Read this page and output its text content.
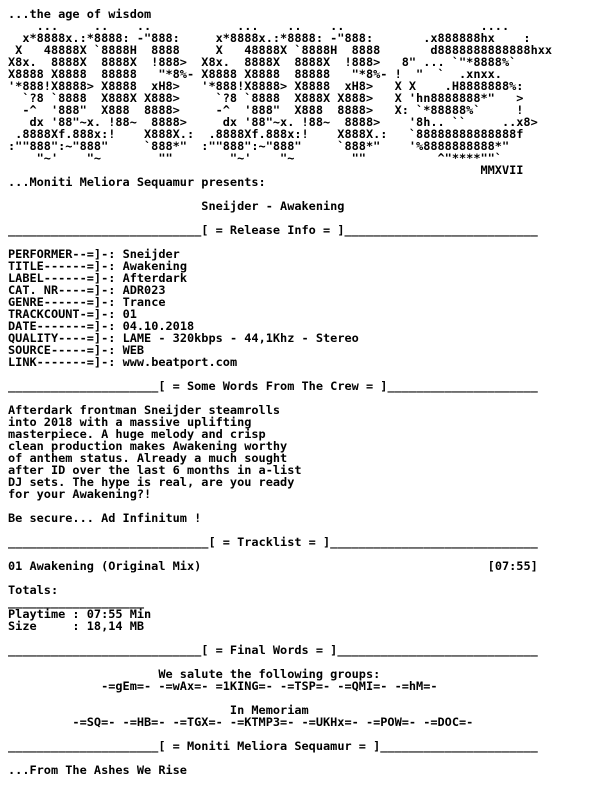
...the age of wisdom
...     ..    ..            ...    ..    ..                   ....
x*8888x.:*8888: -"888:     x*8888x.:*8888: -"888:       .x888888hx    :
X   48888X `8888H  8888     X   48888X `8888H  8888       d8888888888888hxx
X8x.  8888X  8888X  !888>  X8x.  8888X  8888X  !888>   8" ... `"*8888%`
X8888 X8888  88888   "*8%- X8888 X8888  88888   "*8%- !  "  `  .xnxx.
'*888!X8888> X8888  xH8>   '*888!X8888> X8888  xH8>   X X    .H8888888%:
`?8 `8888  X888X X888>     `?8 `8888  X888X X888>   X 'hn8888888*"   >
-^  '888"  X888  8888>     -^  '888"  X888  8888>   X: `*88888%`     !
dx '88"~x. !88~  8888>     dx '88"~x. !88~  8888>    '8h.. ``     ..x8>
.8888Xf.888x:!    X888X.:  .8888Xf.888x:!    X888X.:   `88888888888888f
:""888":~"888"     `888*"  :""888":~"888"     `888*"    '%8888888888*"
"~'    "~        ""        "~'    "~        ""          ^"****""`
MMXVII
...Moniti Meliora Sequamur presents:
Sneijder - Awakening
___________________________[ = Release Info = ]___________________________
PERFORMER--=]-: Sneijder
TITLE------=]-: Awakening
LABEL------=]-: Afterdark
CAT. NR----=]-: ADR023
GENRE------=]-: Trance
TRACKCOUNT-=]-: 01
DATE-------=]-: 04.10.2018
QUALITY----=]-: LAME - 320kbps - 44,1Khz - Stereo
SOURCE-----=]-: WEB
LINK-------=]-: www.beatport.com
_____________________[ = Some Words From The Crew = ]_____________________
Afterdark frontman Sneijder steamrolls
into 2018 with a massive uplifting
masterpiece. A huge melody and crisp
clean production makes Awakening worthy
of anthem status. Already a much sought
after ID over the last 6 months in a-list
DJ sets. The hype is real, are you ready
for your Awakening?!
Be secure... Ad Infinitum !
____________________________[ = Tracklist = ]_____________________________
01 Awakening (Original Mix)	[07:55]
Totals:
___________________
Playtime : 07:55 Min
Size     : 18,14 MB
___________________________[ = Final Words = ]____________________________
We salute the following groups:
-=gEm=- -=wAx=- =1KING=- -=TSP=- -=QMI=- -=hM=-
In Memoriam
-=SQ=- -=HB=- -=TGX=- -=KTMP3=- -=UKHx=- -=POW=- -=DOC=-
_____________________[ = Moniti Meliora Sequamur = ]______________________
...From The Ashes We Rise
